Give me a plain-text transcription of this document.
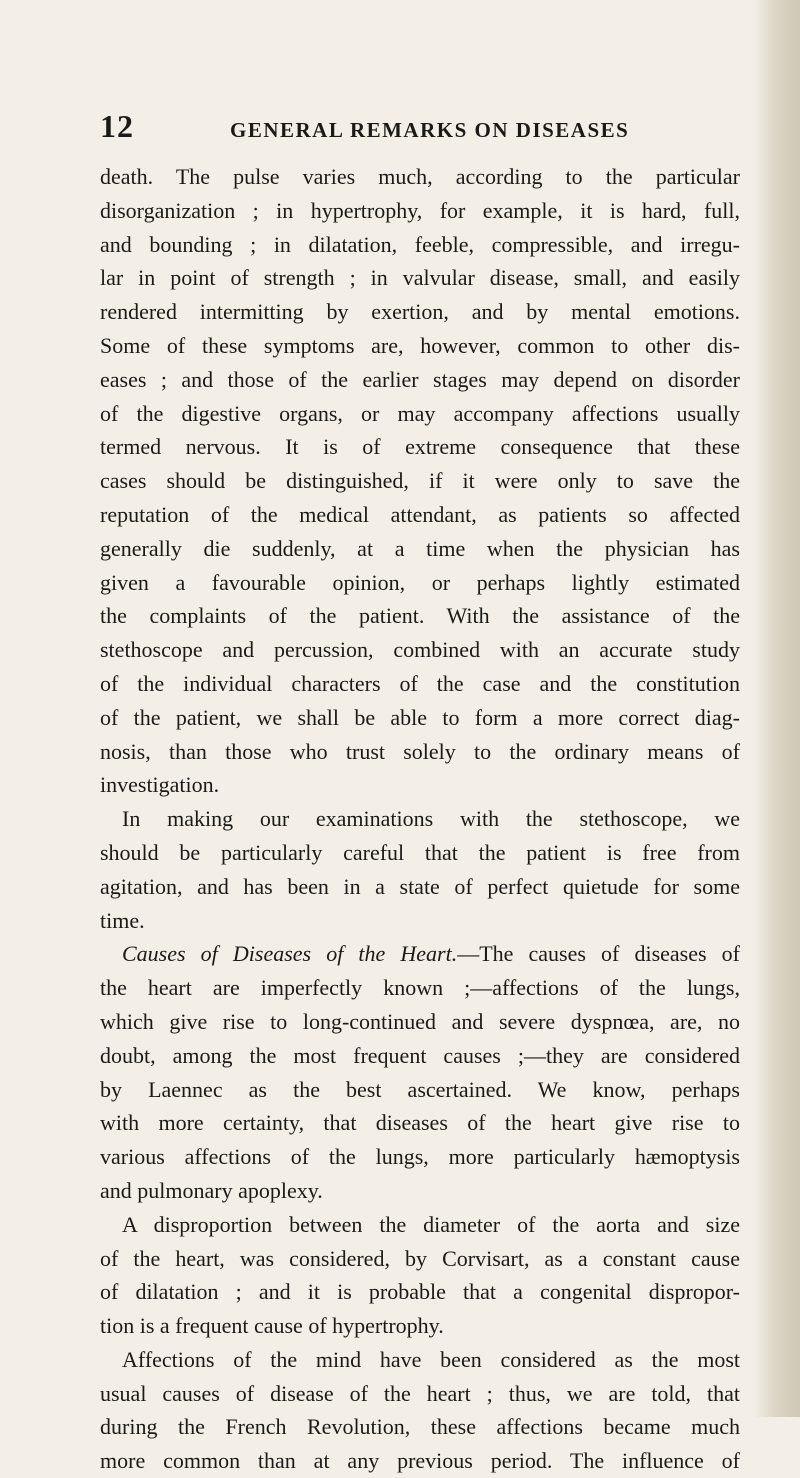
12	GENERAL REMARKS ON DISEASES
death. The pulse varies much, according to the particular
disorganization ; in hypertrophy, for example, it is hard, full,
and bounding ; in dilatation, feeble, compressible, and irregu-
lar in point of strength ; in valvular disease, small, and easily
rendered intermitting by exertion, and by mental emotions.
Some of these symptoms are, however, common to other dis-
eases ; and those of the earlier stages may depend on disorder
of the digestive organs, or may accompany affections usually
termed nervous. It is of extreme consequence that these
cases should be distinguished, if it were only to save the
reputation of the medical attendant, as patients so affected
generally die suddenly, at a time when the physician has
given a favourable opinion, or perhaps lightly estimated
the complaints of the patient. With the assistance of the
stethoscope and percussion, combined with an accurate study
of the individual characters of the case and the constitution
of the patient, we shall be able to form a more correct diag-
nosis, than those who trust solely to the ordinary means of
investigation.
In making our examinations with the stethoscope, we
should be particularly careful that the patient is free from
agitation, and has been in a state of perfect quietude for some
time.
Causes of Diseases of the Heart.—The causes of diseases of
the heart are imperfectly known ;—affections of the lungs,
which give rise to long-continued and severe dyspnœa, are, no
doubt, among the most frequent causes ;—they are considered
by Laennec as the best ascertained. We know, perhaps
with more certainty, that diseases of the heart give rise to
various affections of the lungs, more particularly hæmoptysis
and pulmonary apoplexy.
A disproportion between the diameter of the aorta and size
of the heart, was considered, by Corvisart, as a constant cause
of dilatation ; and it is probable that a congenital dispropor-
tion is a frequent cause of hypertrophy.
Affections of the mind have been considered as the most
usual causes of disease of the heart ; thus, we are told, that
during the French Revolution, these affections became much
more common than at any previous period. The influence of
